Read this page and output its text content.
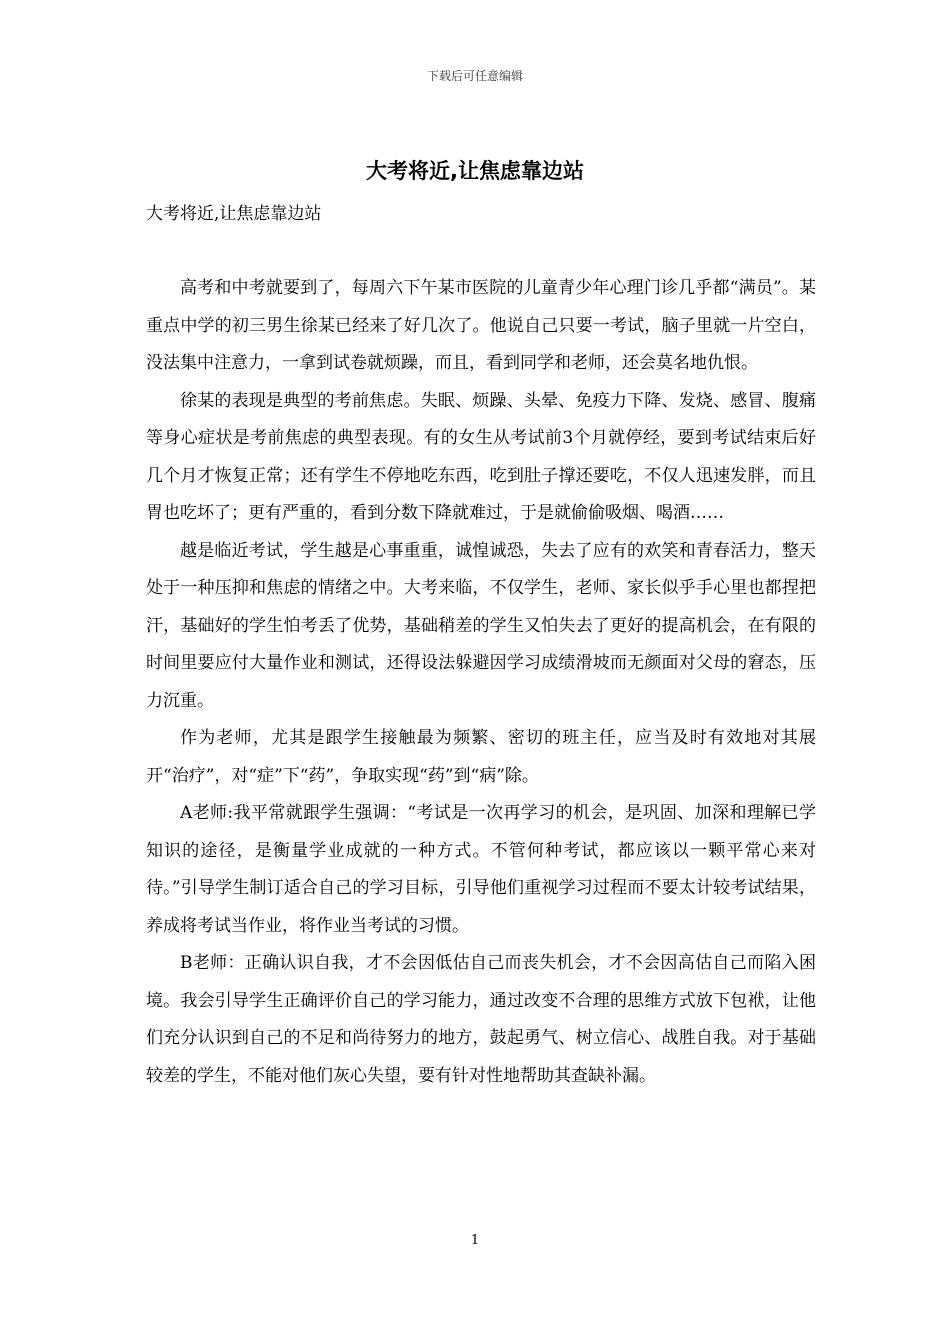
下载后可任意编辑
大考将近,让焦虑靠边站
大考将近,让焦虑靠边站

高考和中考就要到了，每周六下午某市医院的儿童青少年心理门诊几乎都“满员”。某重点中学的初三男生徐某已经来了好几次了。他说自己只要一考试，脑子里就一片空白，没法集中注意力，一拿到试卷就烦躁，而且，看到同学和老师，还会莫名地仇恨。

徐某的表现是典型的考前焦虑。失眠、烦躁、头晕、免疫力下降、发烧、感冒、腹痛等身心症状是考前焦虑的典型表现。有的女生从考试前3个月就停经，要到考试结束后好几个月才恢复正常；还有学生不停地吃东西，吃到肚子撑还要吃，不仅人迅速发胖，而且胃也吃坏了；更有严重的，看到分数下降就难过，于是就偷偷吸烟、喝酒……

越是临近考试，学生越是心事重重，诚惶诚恐，失去了应有的欢笑和青春活力，整天处于一种压抑和焦虑的情绪之中。大考来临，不仅学生，老师、家长似乎手心里也都捏把汗，基础好的学生怕考丢了优势，基础稍差的学生又怕失去了更好的提高机会，在有限的时间里要应付大量作业和测试，还得设法躲避因学习成绩滑坡而无颜面对父母的窘态，压力沉重。

作为老师，尤其是跟学生接触最为频繁、密切的班主任，应当及时有效地对其展开“治疗”，对“症”下“药”，争取实现“药”到“病”除。

A老师:我平常就跟学生强调：“考试是一次再学习的机会，是巩固、加深和理解已学知识的途径，是衡量学业成就的一种方式。不管何种考试，都应该以一颗平常心来对待。”引导学生制订适合自己的学习目标，引导他们重视学习过程而不要太计较考试结果，养成将考试当作业，将作业当考试的习惯。

B老师：正确认识自我，才不会因低估自己而丧失机会，才不会因高估自己而陷入困境。我会引导学生正确评价自己的学习能力，通过改变不合理的思维方式放下包袱，让他们充分认识到自己的不足和尚待努力的地方，鼓起勇气、树立信心、战胜自我。对于基础较差的学生，不能对他们灰心失望，要有针对性地帮助其查缺补漏。

1
